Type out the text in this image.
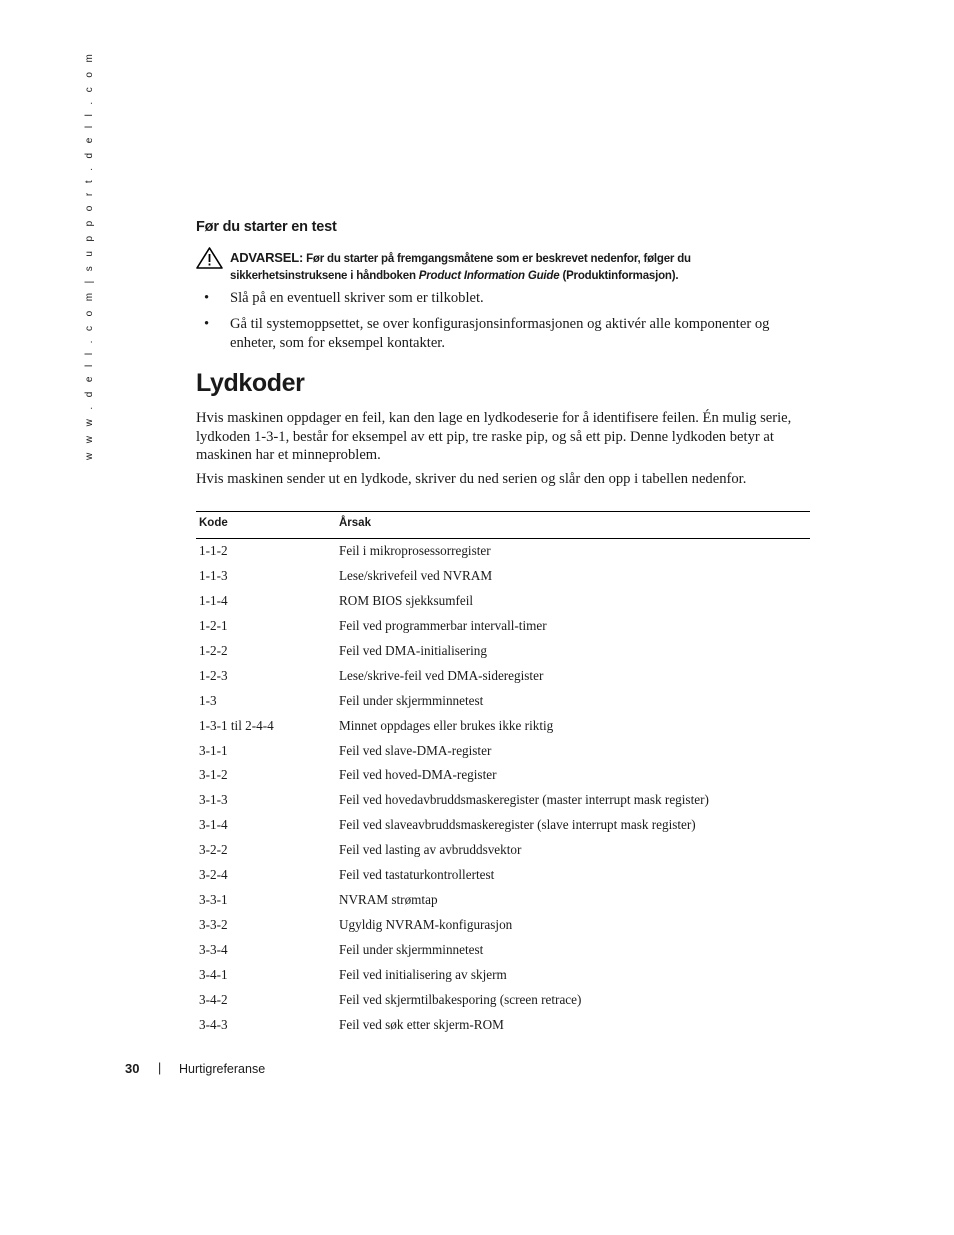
w w w . d e l l . c o m | s u p p o r t . d e l l . c o m	Før du starter en test
ADVARSEL: Før du starter på fremgangsmåtene som er beskrevet nedenfor, følger du sikkerhetsinstruksene i håndboken Product Information Guide (Produktinformasjon).
• Slå på en eventuell skriver som er tilkoblet.
• Gå til systemoppsettet, se over konfigurasjonsinformasjonen og aktivér alle komponenter og enheter, som for eksempel kontakter.
Lydkoder

Hvis maskinen oppdager en feil, kan den lage en lydkodeserie for å identifisere feilen. Én mulig serie, lydkoden 1-3-1, består for eksempel av ett pip, tre raske pip, og så ett pip. Denne lydkoden betyr at maskinen har et minneproblem.

Hvis maskinen sender ut en lydkode, skriver du ned serien og slår den opp i tabellen nedenfor.

Kode	Årsak
1-1-2	Feil i mikroprosessorregister
1-1-3	Lese/skrivefeil ved NVRAM
1-1-4	ROM BIOS sjekksumfeil
1-2-1	Feil ved programmerbar intervall-timer
1-2-2	Feil ved DMA-initialisering
1-2-3	Lese/skrive-feil ved DMA-sideregister
1-3	Feil under skjermminnetest
1-3-1 til 2-4-4	Minnet oppdages eller brukes ikke riktig
3-1-1	Feil ved slave-DMA-register
3-1-2	Feil ved hoved-DMA-register
3-1-3	Feil ved hovedavbruddsmaskeregister (master interrupt mask register)
3-1-4	Feil ved slaveavbruddsmaskeregister (slave interrupt mask register)
3-2-2	Feil ved lasting av avbruddsvektor
3-2-4	Feil ved tastaturkontrollertest
3-3-1	NVRAM strømtap
3-3-2	Ugyldig NVRAM-konfigurasjon
3-3-4	Feil under skjermminnetest
3-4-1	Feil ved initialisering av skjerm
3-4-2	Feil ved skjermtilbakesporing (screen retrace)
3-4-3	Feil ved søk etter skjerm-ROM
30 | Hurtigreferanse
